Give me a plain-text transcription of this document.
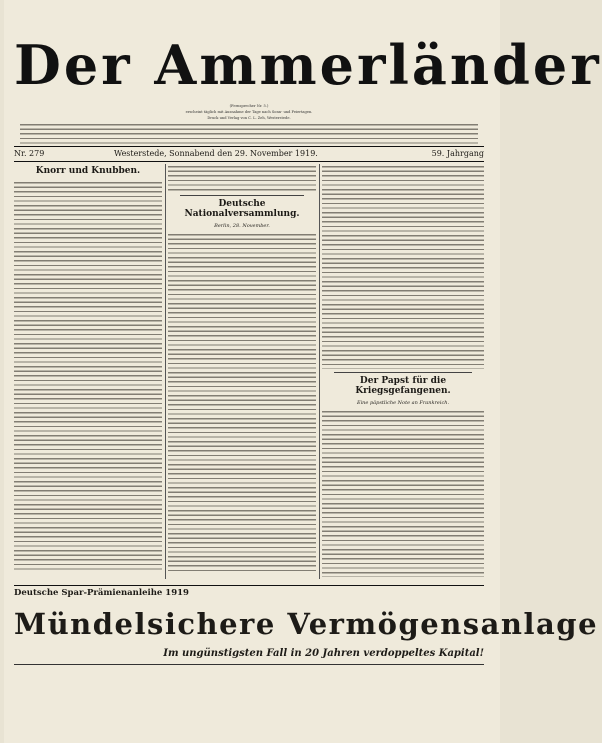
Der Ammerländer
(Fernsprecher Nr. 5.)
erscheint täglich mit Ausnahme der Tage nach Sonn- und Feiertagen.
Druck und Verlag von C. L. Zeh, Westerstede.
Nr. 279	Westerstede, Sonnabend den 29. November 1919.	59. Jahrgang
Knorr und Knubben.
Deutsche Nationalversammlung.
Berlin, 28. November.
Der Papst für die Kriegsgefangenen.
Eine päpstliche Note an Frankreich.
Deutsche Spar-Prämienanleihe 1919
Mündelsichere Vermögensanlage
Im ungünstigsten Fall in 20 Jahren verdoppeltes Kapital!
